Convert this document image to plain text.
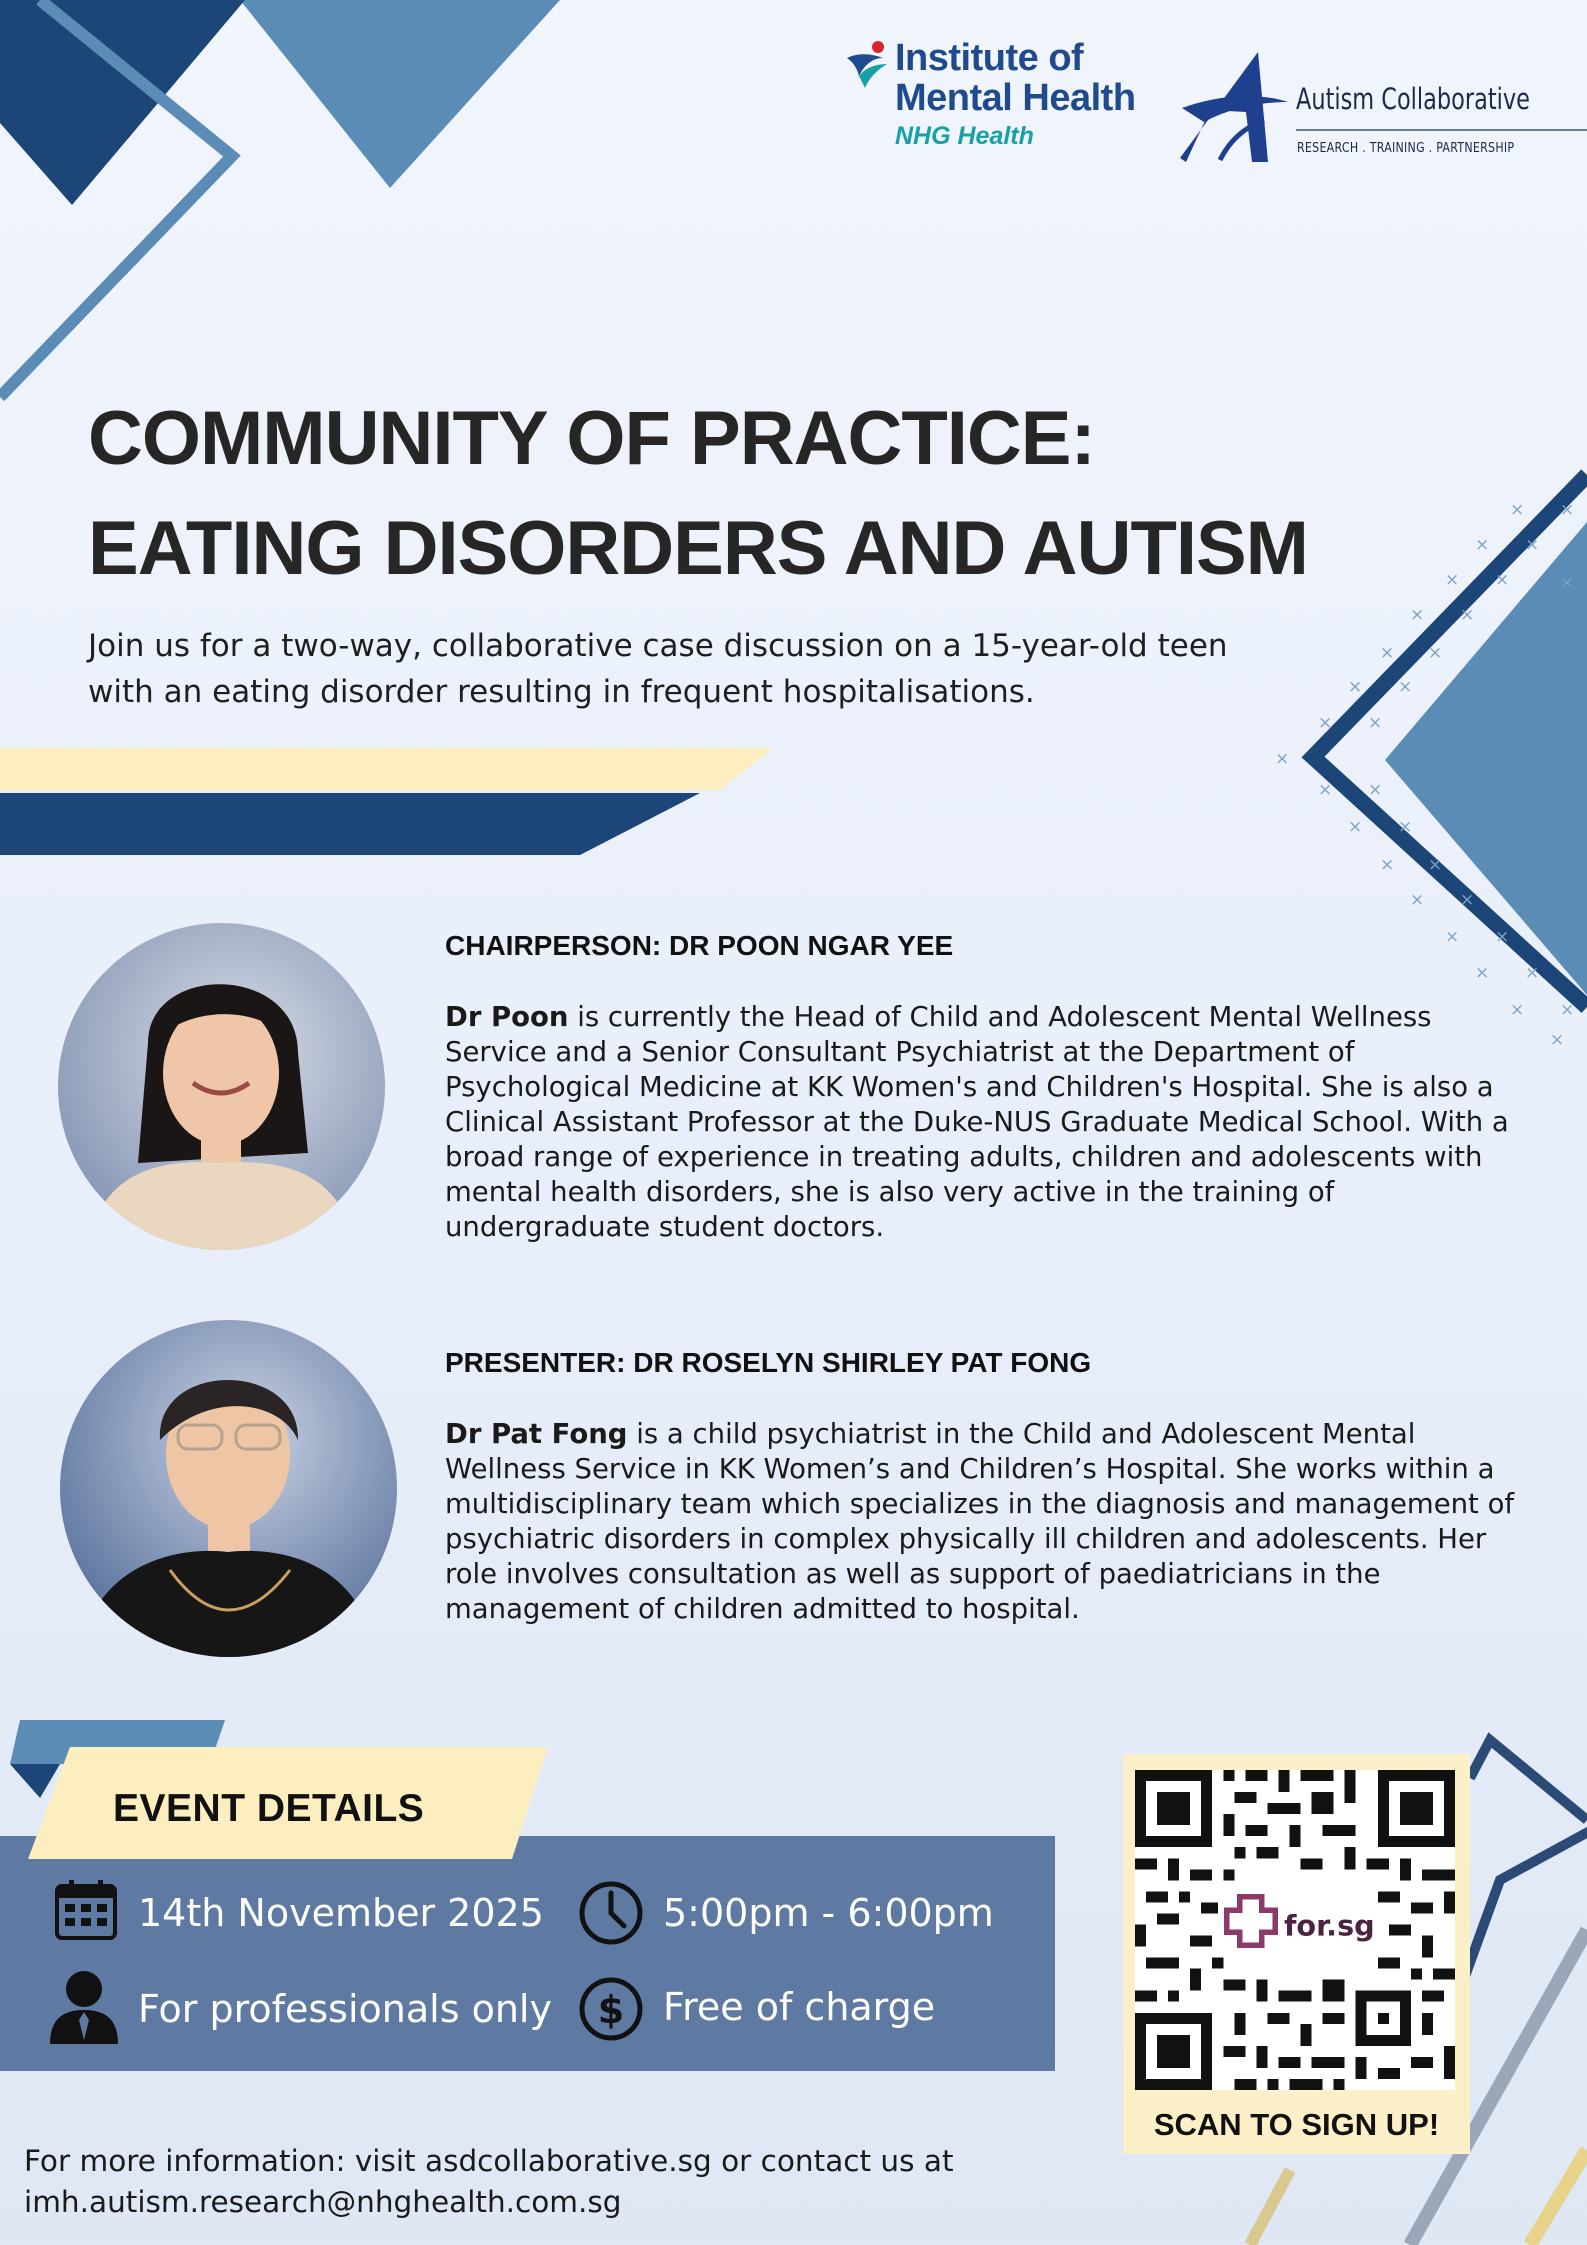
× ×
× ×
×
× ×
× ×
× ×
× ×
× ×
×
× ×
× ×
× ×
× ×
× ×
× ×
× ×
×
Institute of
Mental Health
NHG Health
Autism Collaborative
RESEARCH . TRAINING . PARTNERSHIP
COMMUNITY OF PRACTICE:
EATING DISORDERS AND AUTISM
Join us for a two-way, collaborative case discussion on a 15-year-old teen with an eating disorder resulting in frequent hospitalisations.
CHAIRPERSON: DR POON NGAR YEE
Dr Poon is currently the Head of Child and Adolescent Mental Wellness Service and a Senior Consultant Psychiatrist at the Department of Psychological Medicine at KK Women's and Children's Hospital. She is also a Clinical Assistant Professor at the Duke-NUS Graduate Medical School. With a broad range of experience in treating adults, children and adolescents with mental health disorders, she is also very active in the training of undergraduate student doctors.
PRESENTER: DR ROSELYN SHIRLEY PAT FONG
Dr Pat Fong is a child psychiatrist in the Child and Adolescent Mental Wellness Service in KK Women’s and Children’s Hospital. She works within a multidisciplinary team which specializes in the diagnosis and management of psychiatric disorders in complex physically ill children and adolescents. Her role involves consultation as well as support of paediatricians in the management of children admitted to hospital.
EVENT DETAILS
14th November 2025	5:00pm - 6:00pm
For professionals only $ Free of charge
for.sg
SCAN TO SIGN UP!
For more information: visit asdcollaborative.sg or contact us at
imh.autism.research@nhghealth.com.sg
